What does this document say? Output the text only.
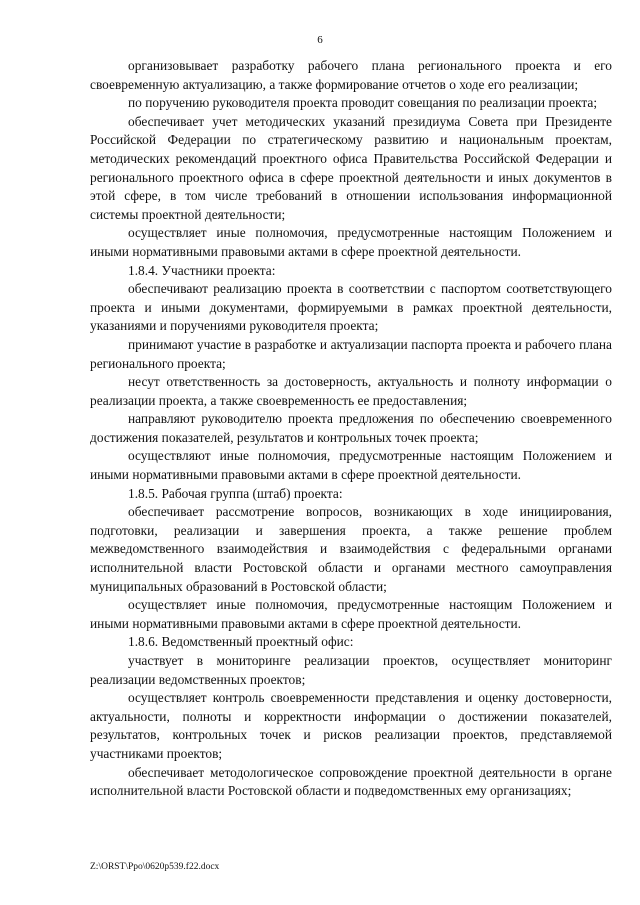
6

организовывает разработку рабочего плана регионального проекта и его своевременную актуализацию, а также формирование отчетов о ходе его реализации;

по поручению руководителя проекта проводит совещания по реализации проекта;

обеспечивает учет методических указаний президиума Совета при Президенте Российской Федерации по стратегическому развитию и национальным проектам, методических рекомендаций проектного офиса Правительства Российской Федерации и регионального проектного офиса в сфере проектной деятельности и иных документов в этой сфере, в том числе требований в отношении использования информационной системы проектной деятельности;

осуществляет иные полномочия, предусмотренные настоящим Положением и иными нормативными правовыми актами в сфере проектной деятельности.

1.8.4. Участники проекта:

обеспечивают реализацию проекта в соответствии с паспортом соответствующего проекта и иными документами, формируемыми в рамках проектной деятельности, указаниями и поручениями руководителя проекта;

принимают участие в разработке и актуализации паспорта проекта и рабочего плана регионального проекта;

несут ответственность за достоверность, актуальность и полноту информации о реализации проекта, а также своевременность ее предоставления;

направляют руководителю проекта предложения по обеспечению своевременного достижения показателей, результатов и контрольных точек проекта;

осуществляют иные полномочия, предусмотренные настоящим Положением и иными нормативными правовыми актами в сфере проектной деятельности.

1.8.5. Рабочая группа (штаб) проекта:

обеспечивает рассмотрение вопросов, возникающих в ходе инициирования, подготовки, реализации и завершения проекта, а также решение проблем межведомственного взаимодействия и взаимодействия с федеральными органами исполнительной власти Ростовской области и органами местного самоуправления муниципальных образований в Ростовской области;

осуществляет иные полномочия, предусмотренные настоящим Положением и иными нормативными правовыми актами в сфере проектной деятельности.

1.8.6. Ведомственный проектный офис:

участвует в мониторинге реализации проектов, осуществляет мониторинг реализации ведомственных проектов;

осуществляет контроль своевременности представления и оценку достоверности, актуальности, полноты и корректности информации о достижении показателей, результатов, контрольных точек и рисков реализации проектов, представляемой участниками проектов;

обеспечивает методологическое сопровождение проектной деятельности в органе исполнительной власти Ростовской области и подведомственных ему организациях;

Z:\ORST\Ppo\0620p539.f22.docx
